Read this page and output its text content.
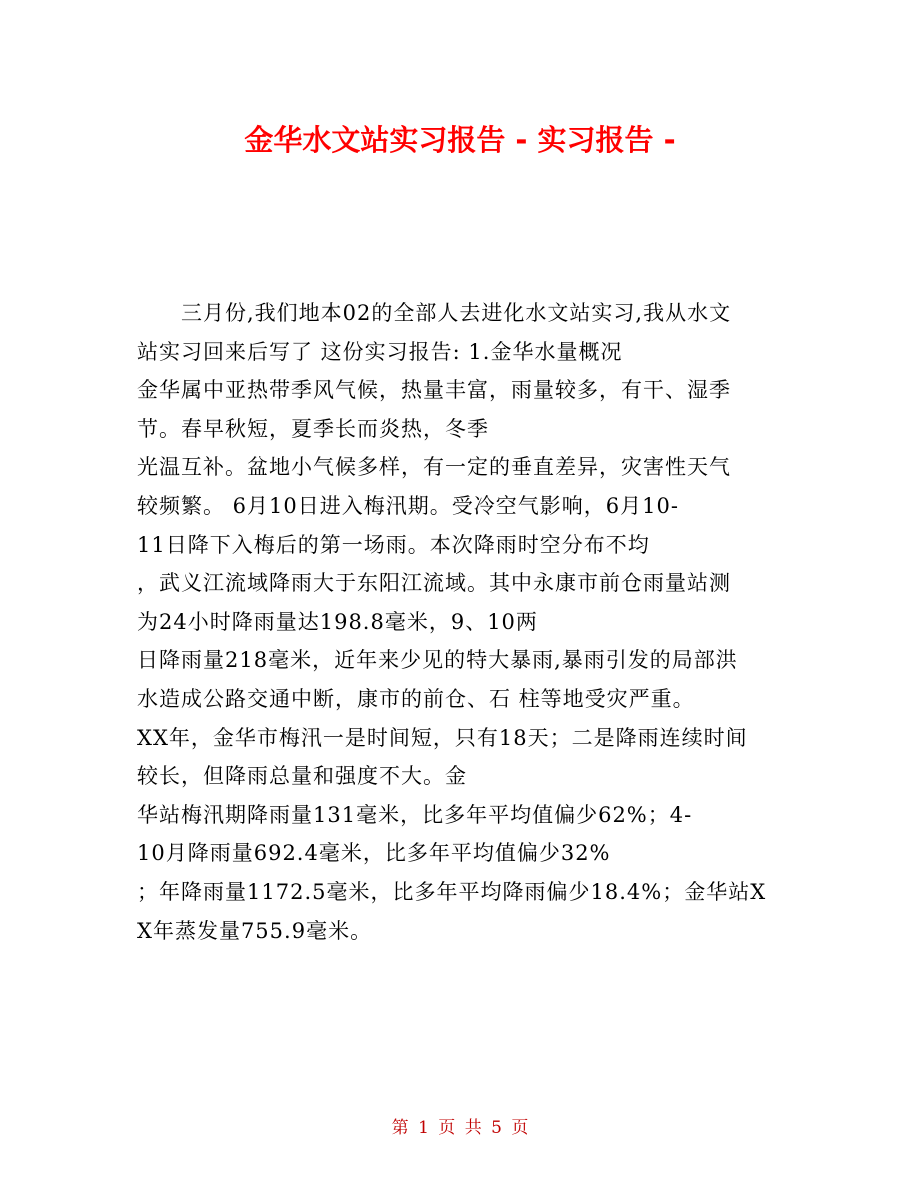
金华水文站实习报告 - 实习报告 -
三月份,我们地本02的全部人去进化水文站实习,我从水文
站实习回来后写了 这份实习报告: 1.金华水量概况
金华属中亚热带季风气候，热量丰富，雨量较多，有干、湿季
节。春早秋短，夏季长而炎热，冬季
光温互补。盆地小气候多样，有一定的垂直差异，灾害性天气
较频繁。 6月10日进入梅汛期。受冷空气影响，6月10-
11日降下入梅后的第一场雨。本次降雨时空分布不均
，武义江流域降雨大于东阳江流域。其中永康市前仓雨量站测
为24小时降雨量达198.8毫米，9、10两
日降雨量218毫米，近年来少见的特大暴雨,暴雨引发的局部洪
水造成公路交通中断，康市的前仓、石 柱等地受灾严重。
XX年，金华市梅汛一是时间短，只有18天；二是降雨连续时间
较长，但降雨总量和强度不大。金
华站梅汛期降雨量131毫米，比多年平均值偏少62%；4-
10月降雨量692.4毫米，比多年平均值偏少32%
；年降雨量1172.5毫米，比多年平均降雨偏少18.4%；金华站X
X年蒸发量755.9毫米。
第 1 页 共 5 页
